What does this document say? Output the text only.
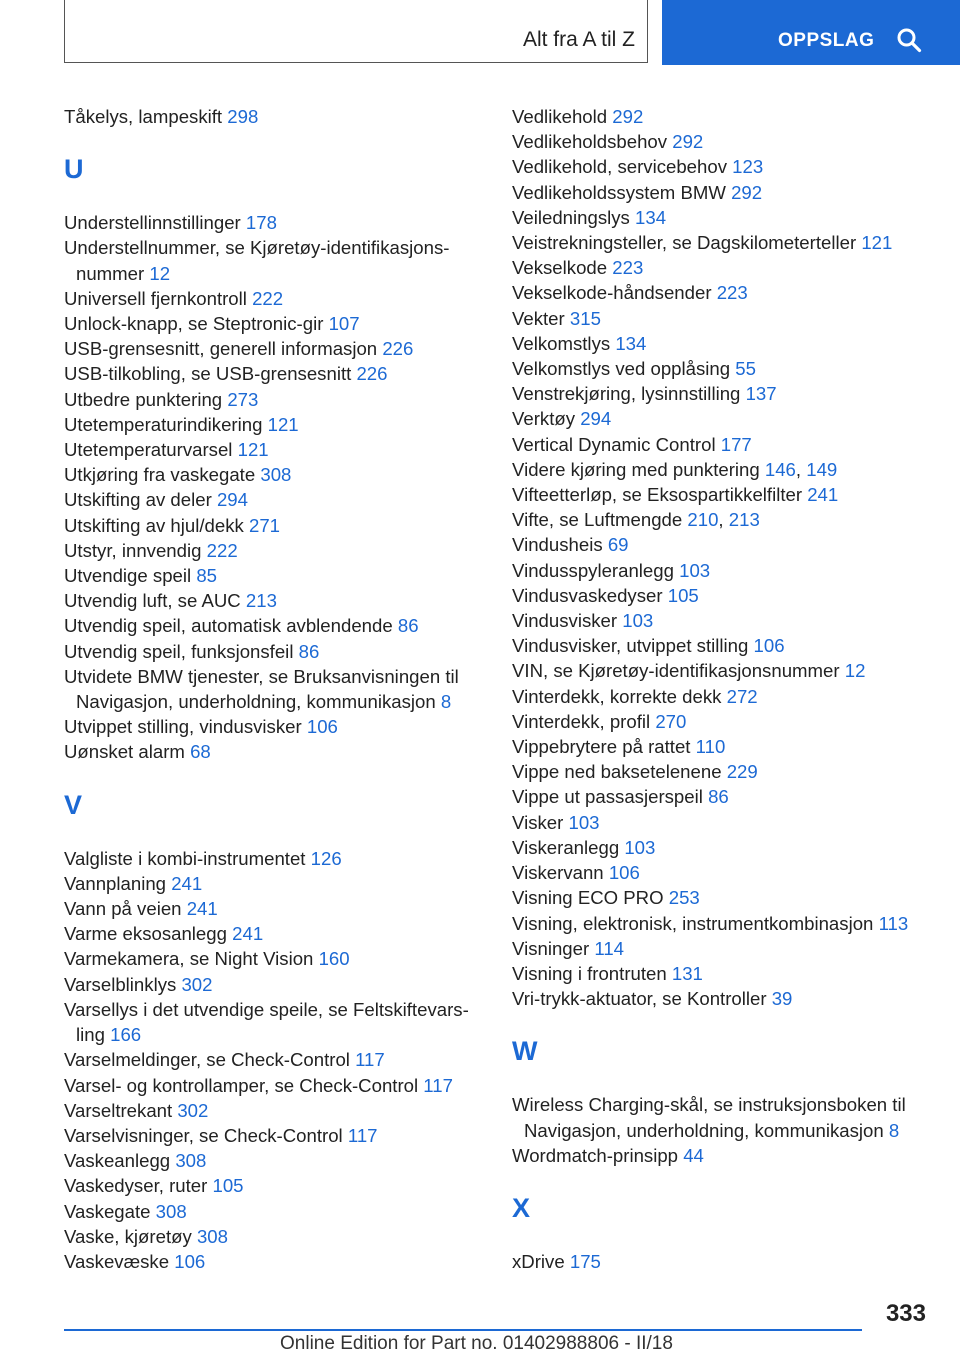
Alt fra A til Z	OPPSLAG
Tåkelys, lampeskift 298
U
Understellinnstillinger 178
Understellnummer, se Kjøretøy-identifikasjons-nummer 12
Universell fjernkontroll 222
Unlock-knapp, se Steptronic-gir 107
USB-grensesnitt, generell informasjon 226
USB-tilkobling, se USB-grensesnitt 226
Utbedre punktering 273
Utetemperaturindikering 121
Utetemperaturvarsel 121
Utkjøring fra vaskegate 308
Utskifting av deler 294
Utskifting av hjul/dekk 271
Utstyr, innvendig 222
Utvendige speil 85
Utvendig luft, se AUC 213
Utvendig speil, automatisk avblendende 86
Utvendig speil, funksjonsfeil 86
Utvidete BMW tjenester, se Bruksanvisningen til Navigasjon, underholdning, kommunikasjon 8
Utvippet stilling, vindusvisker 106
Uønsket alarm 68
V
Valgliste i kombi-instrumentet 126
Vannplaning 241
Vann på veien 241
Varme eksosanlegg 241
Varmekamera, se Night Vision 160
Varselblinklys 302
Varsellys i det utvendige speile, se Feltskiftevars-ling 166
Varselmeldinger, se Check-Control 117
Varsel- og kontrollamper, se Check-Control 117
Varseltrekant 302
Varselvisninger, se Check-Control 117
Vaskeanlegg 308
Vaskedyser, ruter 105
Vaskegate 308
Vaske, kjøretøy 308
Vaskevæske 106
Vedlikehold 292
Vedlikeholdsbehov 292
Vedlikehold, servicebehov 123
Vedlikeholdssystem BMW 292
Veiledningslys 134
Veistrekningsteller, se Dagskilometerteller 121
Vekselkode 223
Vekselkode-håndsender 223
Vekter 315
Velkomstlys 134
Velkomstlys ved opplåsing 55
Venstrekjøring, lysinnstilling 137
Verktøy 294
Vertical Dynamic Control 177
Videre kjøring med punktering 146, 149
Vifteetterløp, se Eksospartikkelfilter 241
Vifte, se Luftmengde 210, 213
Vindusheis 69
Vindusspyleranlegg 103
Vindusvaskedyser 105
Vindusvisker 103
Vindusvisker, utvippet stilling 106
VIN, se Kjøretøy-identifikasjonsnummer 12
Vinterdekk, korrekte dekk 272
Vinterdekk, profil 270
Vippebrytere på rattet 110
Vippe ned baksetelenene 229
Vippe ut passasjerspeil 86
Visker 103
Viskeranlegg 103
Viskervann 106
Visning ECO PRO 253
Visning, elektronisk, instrumentkombinasjon 113
Visninger 114
Visning i frontruten 131
Vri-trykk-aktuator, se Kontroller 39
W
Wireless Charging-skål, se instruksjonsboken til Navigasjon, underholdning, kommunikasjon 8
Wordmatch-prinsipp 44
X
xDrive 175
333
Online Edition for Part no. 01402988806 - II/18
